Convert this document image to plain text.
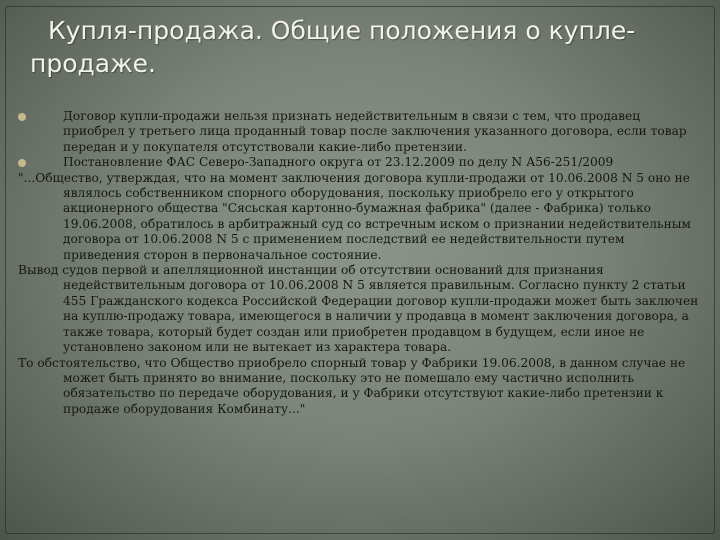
Купля-продажа. Общие положения о купле-продаже.
Договор купли-продажи нельзя признать недействительным в связи с тем, что продавец приобрел у третьего лица проданный товар после заключения указанного договора, если товар передан и у покупателя отсутствовали какие-либо претензии.
Постановление ФАС Северо-Западного округа от 23.12.2009 по делу N А56-251/2009
"...Общество, утверждая, что на момент заключения договора купли-продажи от 10.06.2008 N 5 оно не являлось собственником спорного оборудования, поскольку приобрело его у открытого акционерного общества "Сясьская картонно-бумажная фабрика" (далее - Фабрика) только 19.06.2008, обратилось в арбитражный суд со встречным иском о признании недействительным договора от 10.06.2008 N 5 с применением последствий ее недействительности путем приведения сторон в первоначальное состояние.
Вывод судов первой и апелляционной инстанции об отсутствии оснований для признания недействительным договора от 10.06.2008 N 5 является правильным. Согласно пункту 2 статьи 455 Гражданского кодекса Российской Федерации договор купли-продажи может быть заключен на куплю-продажу товара, имеющегося в наличии у продавца в момент заключения договора, а также товара, который будет создан или приобретен продавцом в будущем, если иное не установлено законом или не вытекает из характера товара.
То обстоятельство, что Общество приобрело спорный товар у Фабрики 19.06.2008, в данном случае не может быть принято во внимание, поскольку это не помешало ему частично исполнить обязательство по передаче оборудования, и у Фабрики отсутствуют какие-либо претензии к продаже оборудования Комбинату..."
